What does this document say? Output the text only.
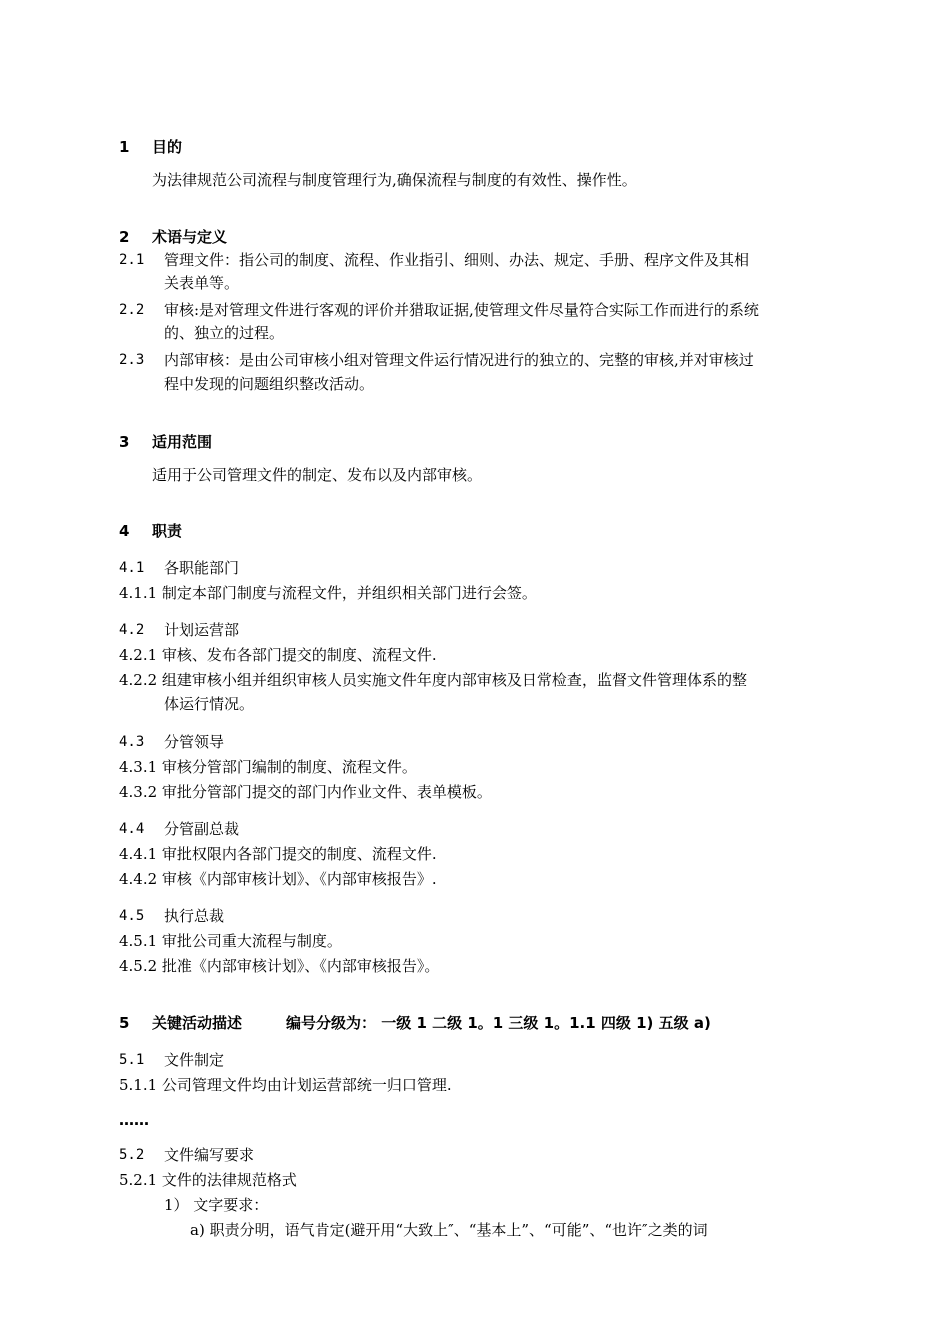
1 目的
为法律规范公司流程与制度管理行为,确保流程与制度的有效性、操作性。
2 术语与定义
2.1 管理文件：指公司的制度、流程、作业指引、细则、办法、规定、手册、程序文件及其相
关表单等。
2.2 审核:是对管理文件进行客观的评价并猎取证据,使管理文件尽量符合实际工作而进行的系统
的、独立的过程。
2.3 内部审核：是由公司审核小组对管理文件运行情况进行的独立的、完整的审核,并对审核过
程中发现的问题组织整改活动。
3 适用范围
适用于公司管理文件的制定、发布以及内部审核。
4 职责
4.1 各职能部门
4.1.1 制定本部门制度与流程文件，并组织相关部门进行会签。
4.2 计划运营部
4.2.1 审核、发布各部门提交的制度、流程文件.
4.2.2 组建审核小组并组织审核人员实施文件年度内部审核及日常检查，监督文件管理体系的整
体运行情况。
4.3 分管领导
4.3.1 审核分管部门编制的制度、流程文件。
4.3.2 审批分管部门提交的部门内作业文件、表单模板。
4.4 分管副总裁
4.4.1 审批权限内各部门提交的制度、流程文件.
4.4.2 审核《内部审核计划》、《内部审核报告》.
4.5 执行总裁
4.5.1 审批公司重大流程与制度。
4.5.2 批准《内部审核计划》、《内部审核报告》。
5 关键活动描述	编号分级为： 一级 1 二级 1。1 三级 1。1.1 四级 1) 五级 a)
5.1 文件制定
5.1.1 公司管理文件均由计划运营部统一归口管理.
……
5.2 文件编写要求
5.2.1 文件的法律规范格式
1） 文字要求：
a) 职责分明，语气肯定(避开用“大致上″、“基本上”、“可能”、“也许″之类的词
